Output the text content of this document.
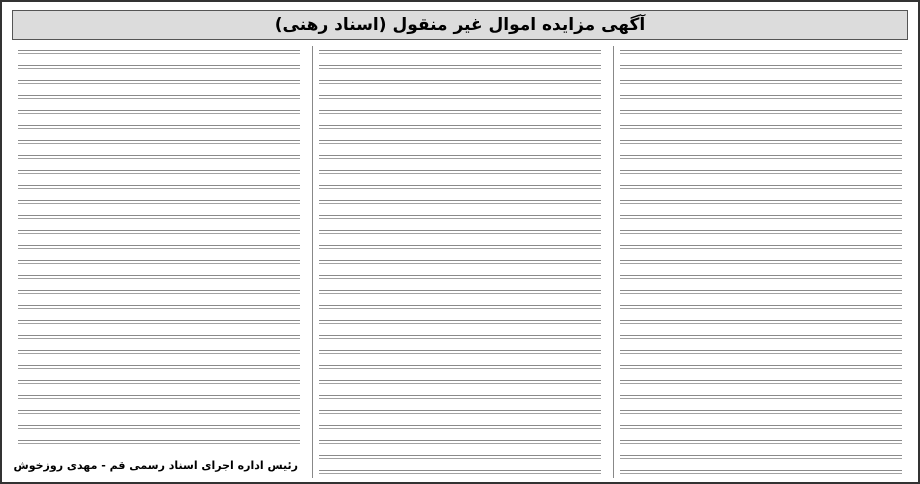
آگهی مزایده اموال غیر منقول (اسناد رهنی)
رئیس اداره اجرای اسناد رسمی قم - مهدی روزخوش
